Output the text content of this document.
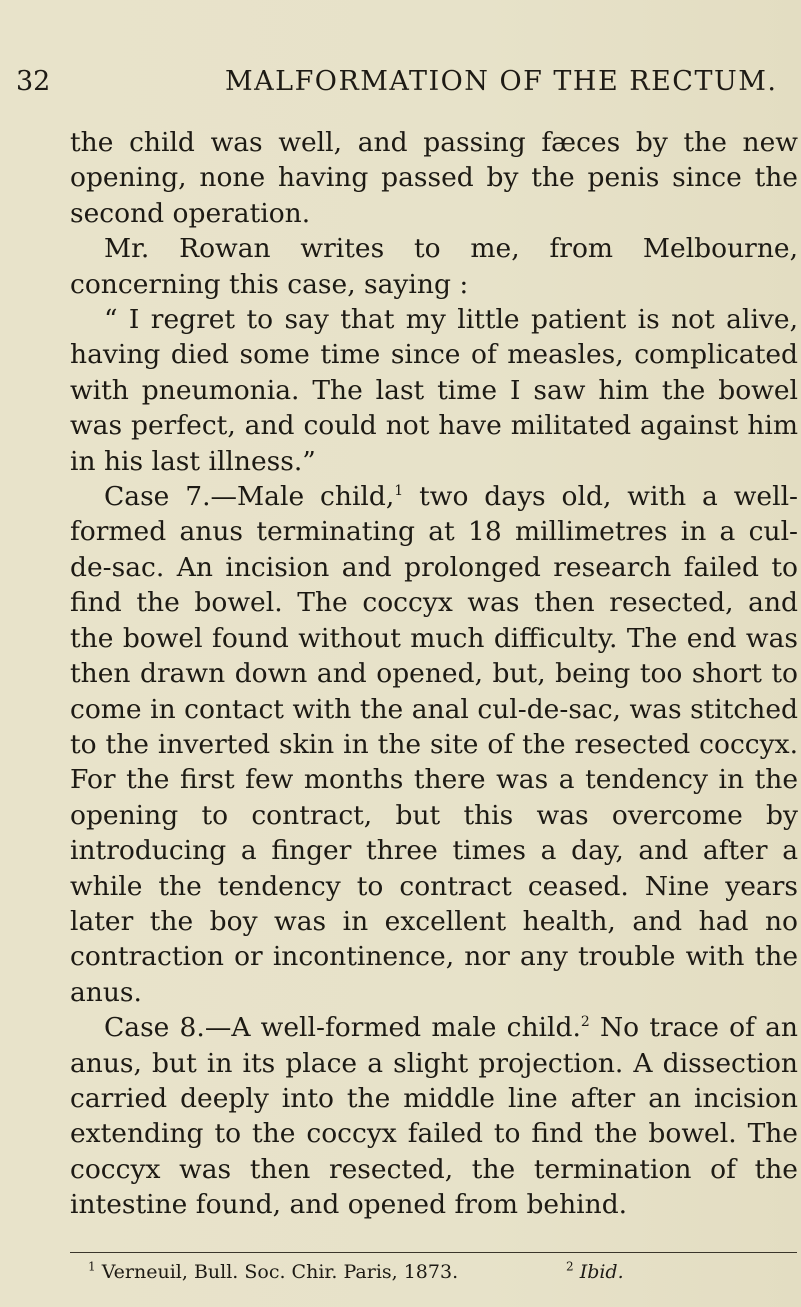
32	MALFORMATION OF THE RECTUM.

the child was well, and passing fæces by the new opening, none having passed by the penis since the second operation.

Mr. Rowan writes to me, from Melbourne, concerning this case, saying :

“ I regret to say that my little patient is not alive, having died some time since of measles, complicated with pneumonia. The last time I saw him the bowel was perfect, and could not have militated against him in his last illness.”

Case 7.—Male child,$^1$ two days old, with a well-formed anus terminating at 18 millimetres in a cul-de-sac. An incision and prolonged research failed to find the bowel. The coccyx was then resected, and the bowel found without much difficulty. The end was then drawn down and opened, but, being too short to come in contact with the anal cul-de-sac, was stitched to the inverted skin in the site of the resected coccyx. For the first few months there was a tendency in the opening to contract, but this was overcome by introducing a finger three times a day, and after a while the tendency to contract ceased. Nine years later the boy was in excellent health, and had no contraction or incontinence, nor any trouble with the anus.

Case 8.—A well-formed male child.$^2$ No trace of an anus, but in its place a slight projection. A dissection carried deeply into the middle line after an incision extending to the coccyx failed to find the bowel. The coccyx was then resected, the termination of the intestine found, and opened from behind.

$^1$ Verneuil, Bull. Soc. Chir. Paris, 1873.	$^2$ Ibid.
